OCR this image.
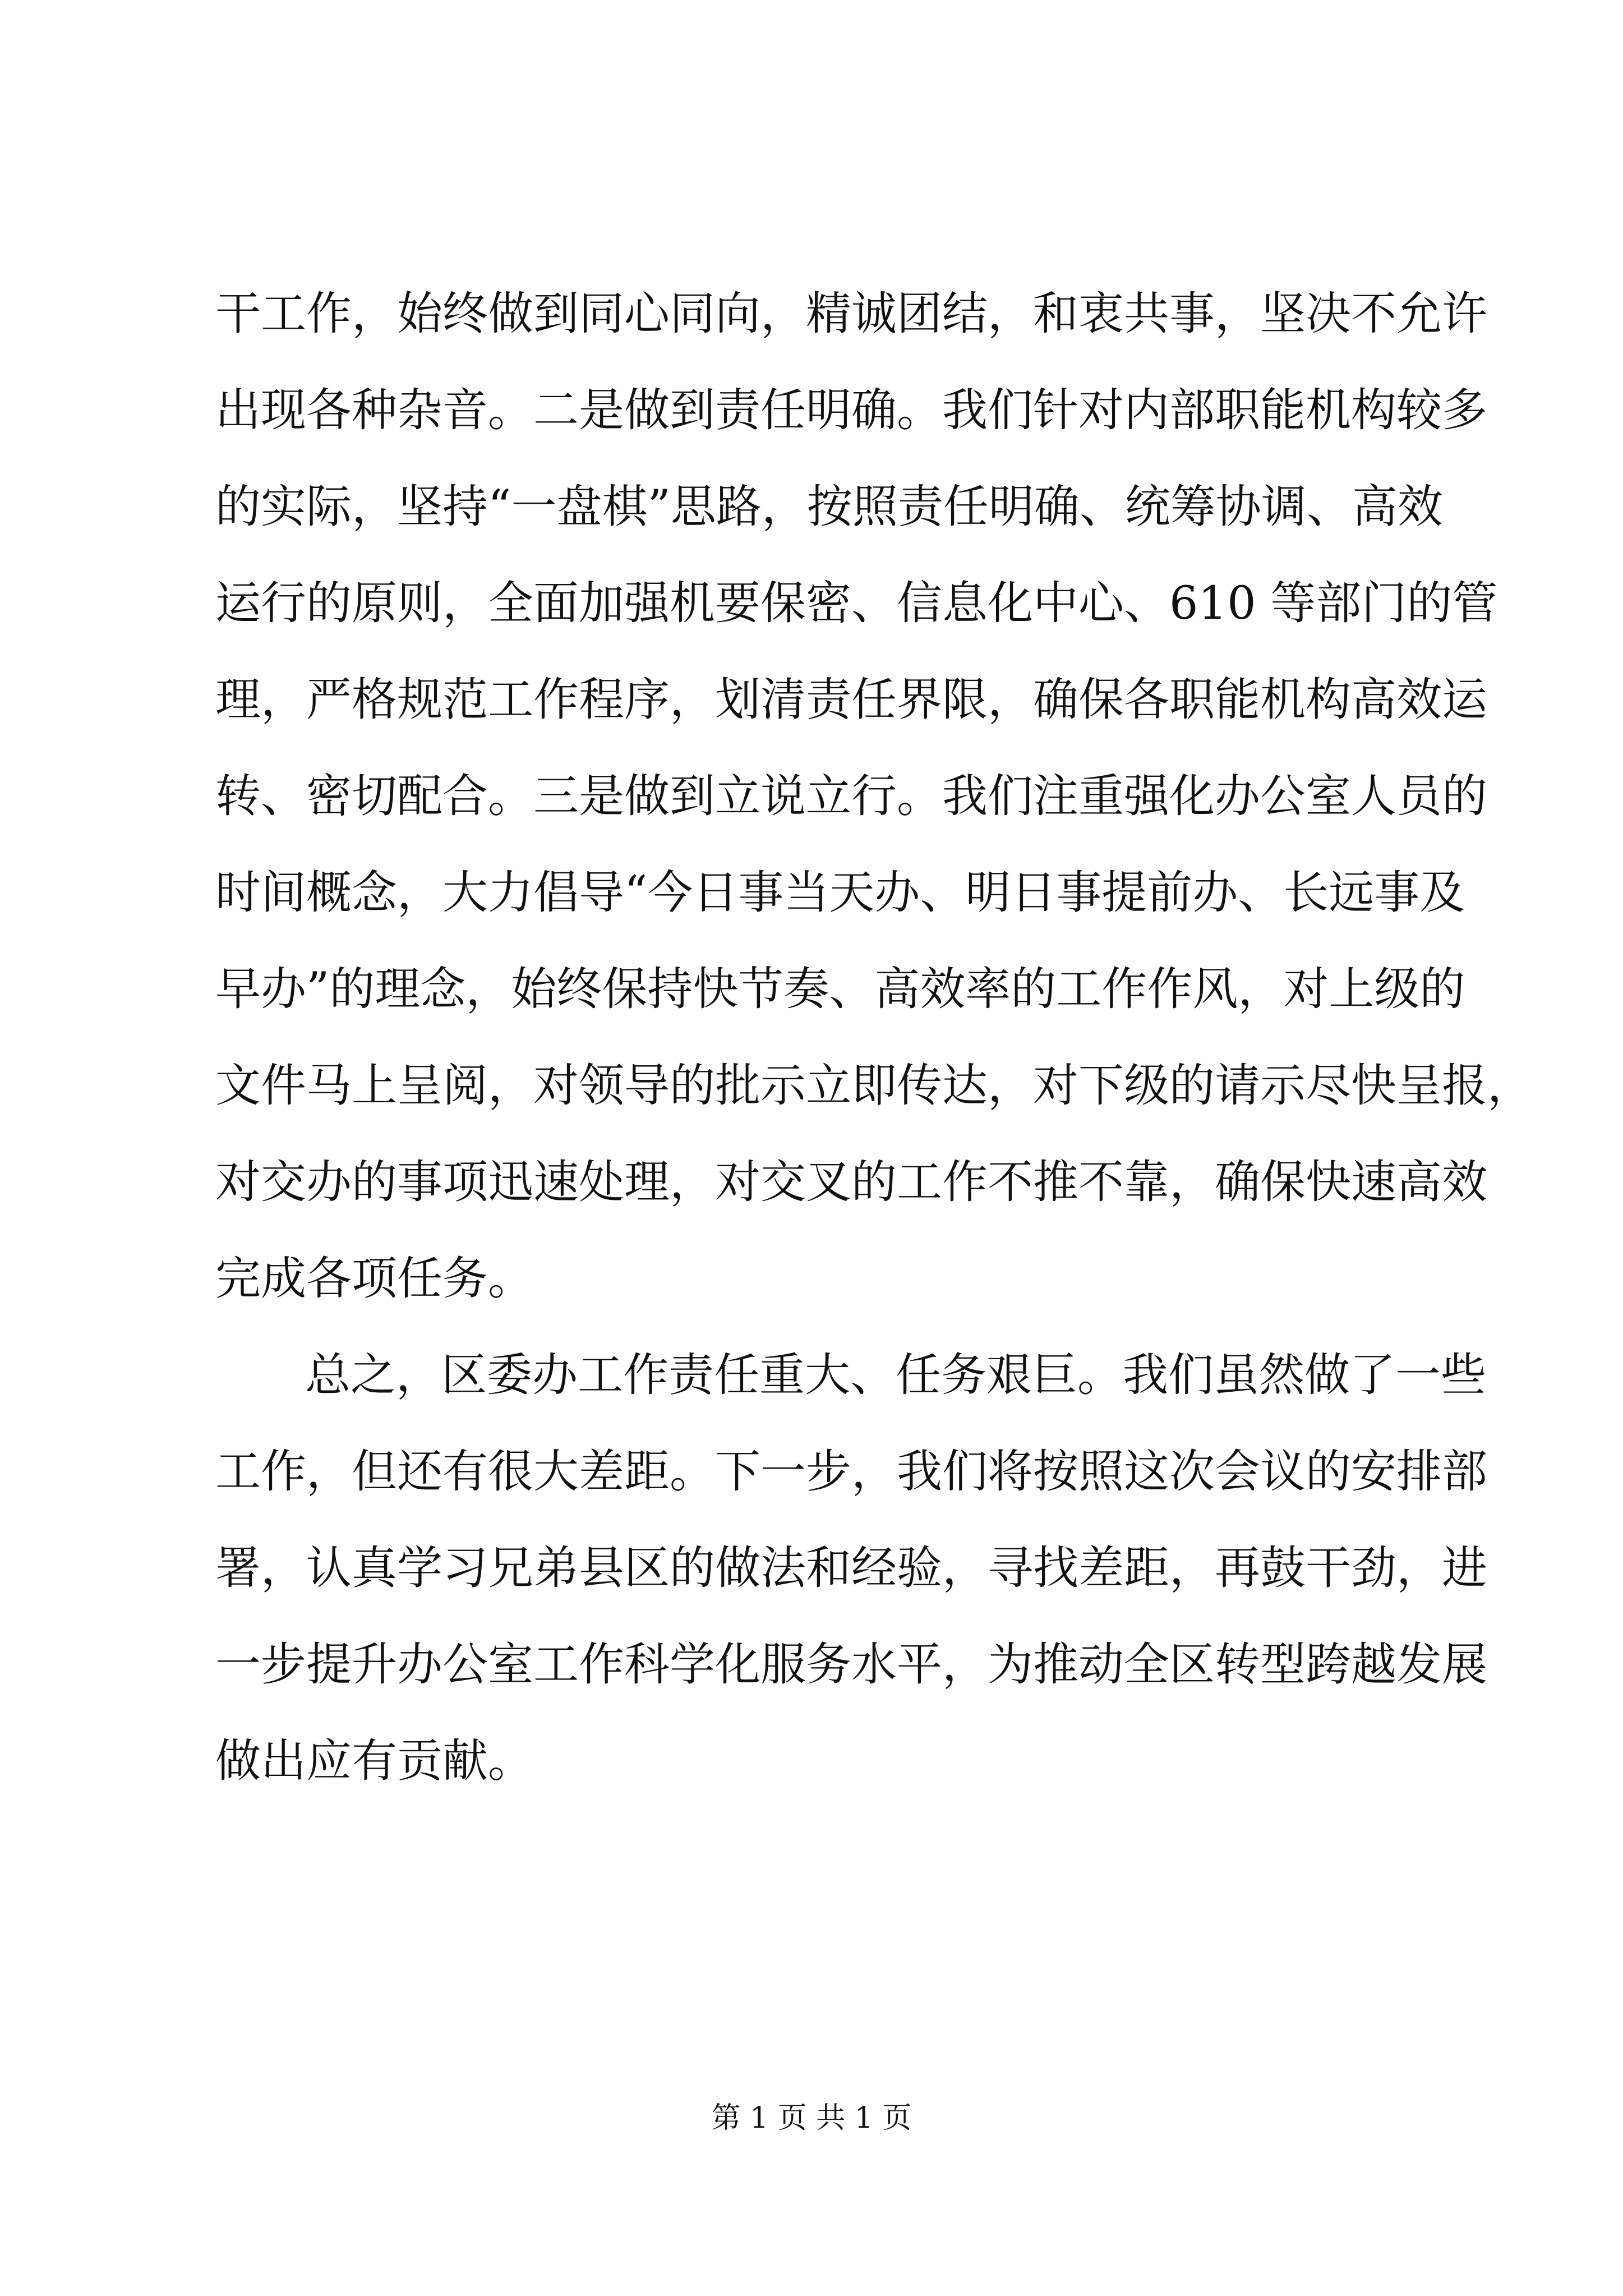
干工作，始终做到同心同向，精诚团结，和衷共事，坚决不允许
出现各种杂音。二是做到责任明确。我们针对内部职能机构较多
的实际，坚持“一盘棋”思路，按照责任明确、统筹协调、高效
运行的原则，全面加强机要保密、信息化中心、610 等部门的管
理，严格规范工作程序，划清责任界限，确保各职能机构高效运
转、密切配合。三是做到立说立行。我们注重强化办公室人员的
时间概念，大力倡导“今日事当天办、明日事提前办、长远事及
早办”的理念，始终保持快节奏、高效率的工作作风，对上级的
文件马上呈阅，对领导的批示立即传达，对下级的请示尽快呈报，
对交办的事项迅速处理，对交叉的工作不推不靠，确保快速高效
完成各项任务。
总之，区委办工作责任重大、任务艰巨。我们虽然做了一些
工作，但还有很大差距。下一步，我们将按照这次会议的安排部
署，认真学习兄弟县区的做法和经验，寻找差距，再鼓干劲，进
一步提升办公室工作科学化服务水平，为推动全区转型跨越发展
做出应有贡献。
第 1 页 共 1 页
